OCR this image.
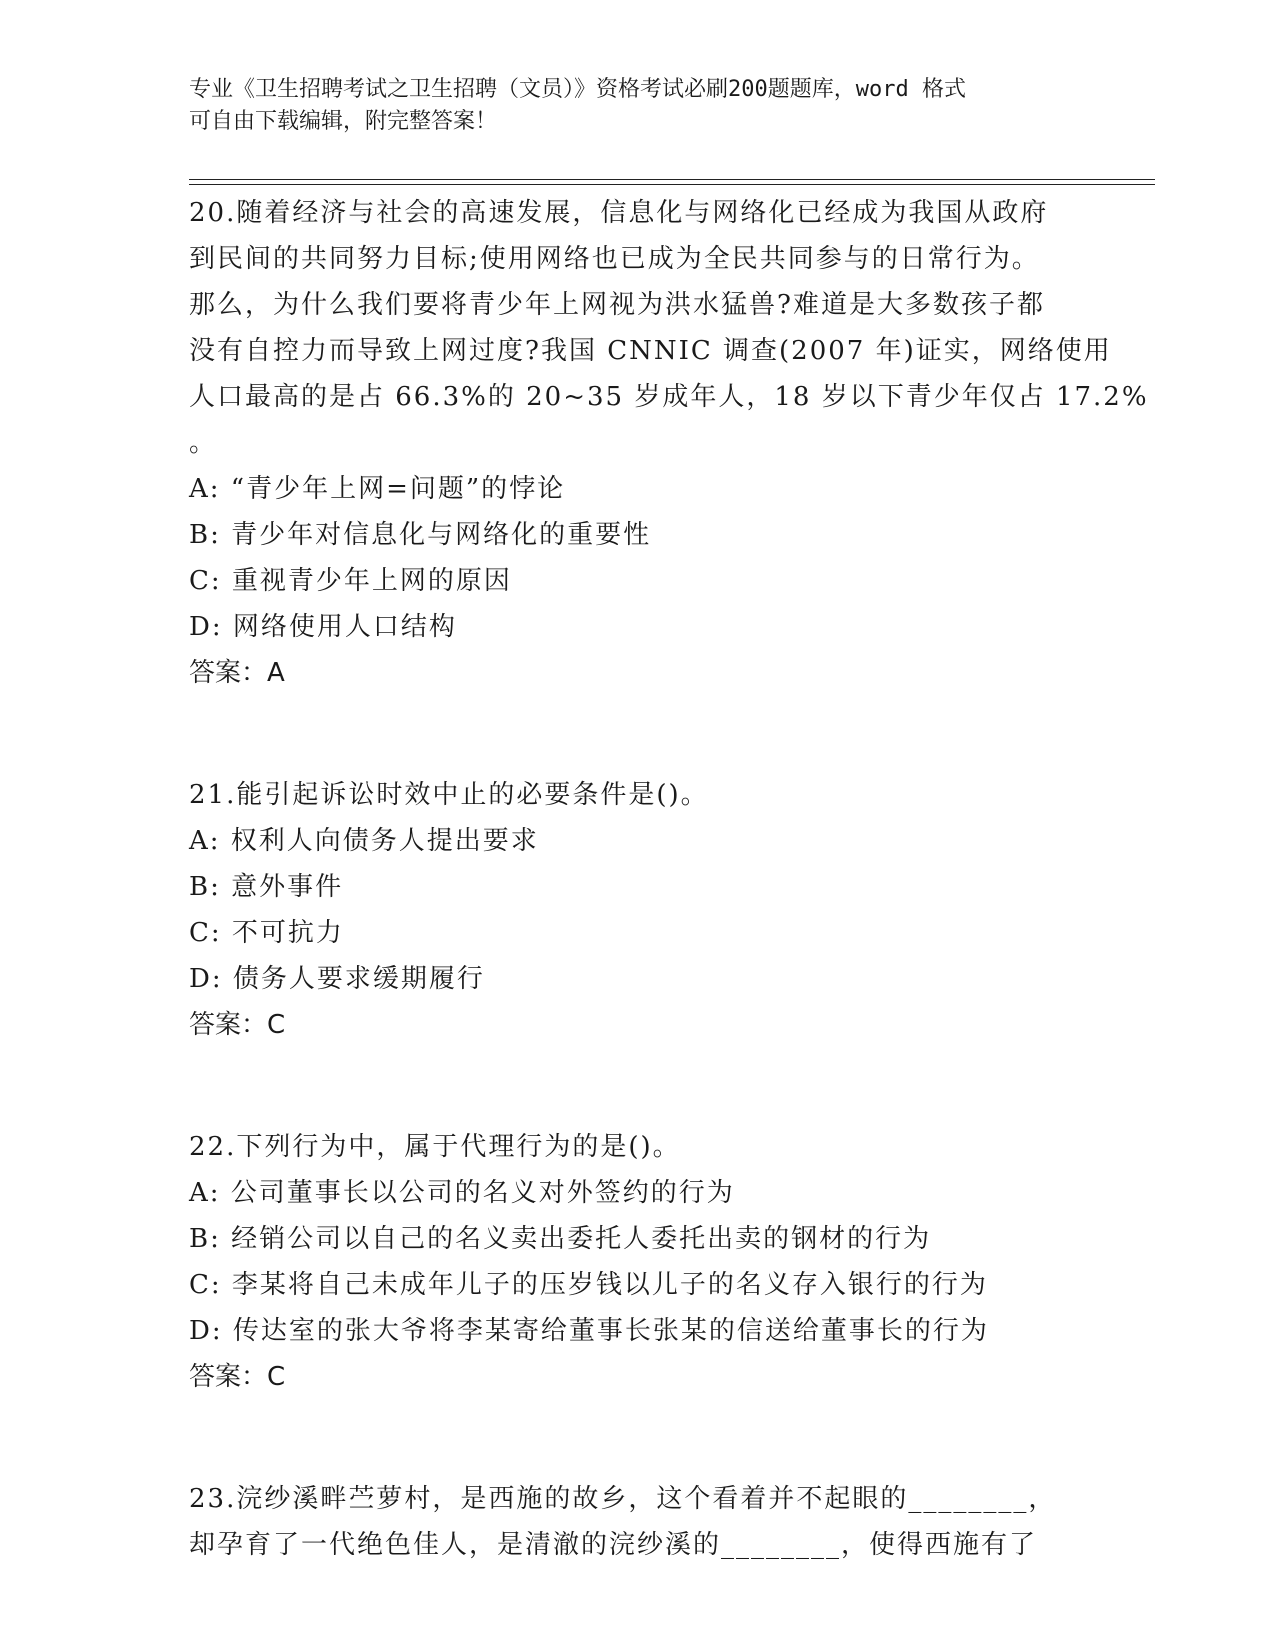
专业《卫生招聘考试之卫生招聘（文员）》资格考试必刷200题题库，word 格式
可自由下载编辑，附完整答案！
20.随着经济与社会的高速发展，信息化与网络化已经成为我国从政府
到民间的共同努力目标;使用网络也已成为全民共同参与的日常行为。
那么，为什么我们要将青少年上网视为洪水猛兽?难道是大多数孩子都
没有自控力而导致上网过度?我国 CNNIC 调查(2007 年)证实，网络使用
人口最高的是占 66.3%的 20~35 岁成年人，18 岁以下青少年仅占 17.2%
。
A: “青少年上网=问题”的悖论
B: 青少年对信息化与网络化的重要性
C: 重视青少年上网的原因
D: 网络使用人口结构
答案：A
21.能引起诉讼时效中止的必要条件是()。
A: 权利人向债务人提出要求
B: 意外事件
C: 不可抗力
D: 债务人要求缓期履行
答案：C
22.下列行为中，属于代理行为的是()。
A: 公司董事长以公司的名义对外签约的行为
B: 经销公司以自己的名义卖出委托人委托出卖的钢材的行为
C: 李某将自己未成年儿子的压岁钱以儿子的名义存入银行的行为
D: 传达室的张大爷将李某寄给董事长张某的信送给董事长的行为
答案：C
23.浣纱溪畔苎萝村，是西施的故乡，这个看着并不起眼的________，
却孕育了一代绝色佳人，是清澈的浣纱溪的________，使得西施有了
